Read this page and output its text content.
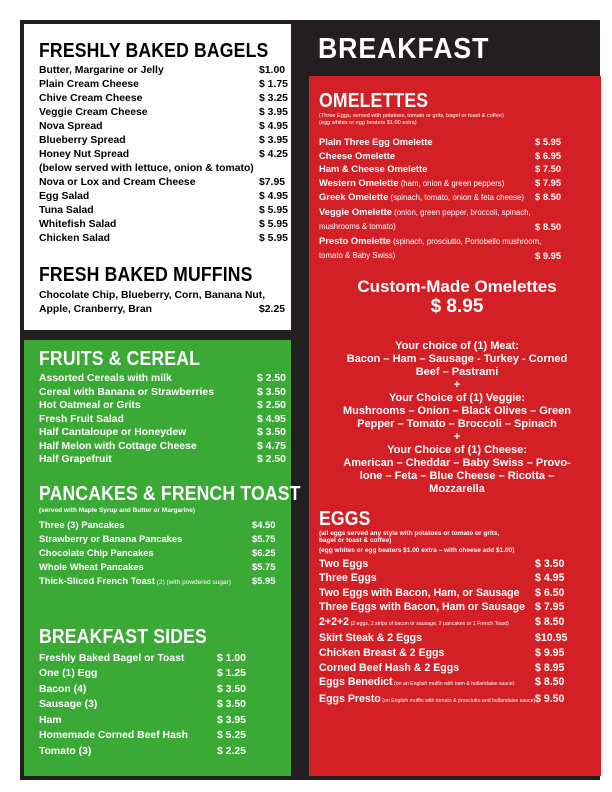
BREAKFAST
FRESHLY BAKED BAGELS
Butter, Margarine or Jelly	$1.00
Plain Cream Cheese	$ 1.75
Chive Cream Cheese	$ 3.25
Veggie Cream Cheese	$ 3.95
Nova Spread	$ 4.95
Blueberry Spread	$ 3.95
Honey Nut Spread	$ 4.25
(below served with lettuce, onion & tomato)
Nova or Lox and Cream Cheese	$7.95
Egg Salad	$ 4.95
Tuna Salad	$ 5.95
Whitefish Salad	$ 5.95
Chicken Salad	$ 5.95
FRESH BAKED MUFFINS
Chocolate Chip, Blueberry, Corn, Banana Nut,
Apple, Cranberry, Bran	$2.25
FRUITS & CEREAL
Assorted Cereals with milk	$ 2.50
Cereal with Banana or Strawberries	$ 3.50
Hot Oatmeal or Grits	$ 2.50
Fresh Fruit Salad	$ 4.95
Half Cantaloupe or Honeydew	$ 3.50
Half Melon with Cottage Cheese	$ 4.75
Half Grapefruit	$ 2.50
PANCAKES & FRENCH TOAST
(served with Maple Syrup and Butter or Margarine)
Three (3) Pancakes	$4.50
Strawberry or Banana Pancakes	$5.75
Chocolate Chip Pancakes	$6.25
Whole Wheat Pancakes	$5.75
Thick-Sliced French Toast (2) (with powdered sugar) $5.95
BREAKFAST SIDES
Freshly Baked Bagel or Toast	$ 1.00
One (1) Egg	$ 1.25
Bacon (4)	$ 3.50
Sausage (3)	$ 3.50
Ham	$ 3.95
Homemade Corned Beef Hash	$ 5.25
Tomato (3)	$ 2.25
OMELETTES
(Three Eggs, served with potatoes, tomato or grits, bagel or toast & coffee)
(egg whites or egg beaters $1.00 extra)
Plain Three Egg Omelette	$ 5.95
Cheese Omelette	$ 6.95
Ham & Cheese Omelette	$ 7.50
Western Omelette (ham, onion & green peppers)	$ 7.95
Greek Omelette (spinach, tomato, onion & feta cheese) $ 8.50
Veggie Omelette (onion, green pepper, broccoli, spinach,
mushrooms & tomato)	$ 8.50
Presto Omelette (spinach, prosciutto, Portobello mushroom,
tomato & Baby Swiss)	$ 9.95
Custom-Made Omelettes
$ 8.95
Your choice of (1) Meat:
Bacon – Ham – Sausage - Turkey - Corned
Beef – Pastrami
+
Your Choice of (1) Veggie:
Mushrooms – Onion – Black Olives – Green
Pepper – Tomato – Broccoli – Spinach
+
Your Choice of (1) Cheese:
American – Cheddar – Baby Swiss – Provo-
lone – Feta – Blue Cheese – Ricotta –
Mozzarella
EGGS
(all eggs served any style with potatoes or tomato or grits,
bagel or toast & coffee)
(egg whites or egg beaters $1.00 extra – with cheese add $1.00)
Two Eggs	$ 3.50
Three Eggs	$ 4.95
Two Eggs with Bacon, Ham, or Sausage $ 6.50
Three Eggs with Bacon, Ham or Sausage $ 7.95
2+2+2 (2 eggs, 2 strips of bacon or sausage, 2 pancakes or 1 French Toast) $ 8.50
Skirt Steak & 2 Eggs	$10.95
Chicken Breast & 2 Eggs	$ 9.95
Corned Beef Hash & 2 Eggs	$ 8.95
Eggs Benedict (on an English muffin with ham & hollandaise sauce) $ 8.50
Eggs Presto (on English muffin with tomato & prosciutto and hollandaise sauce) $ 9.50
